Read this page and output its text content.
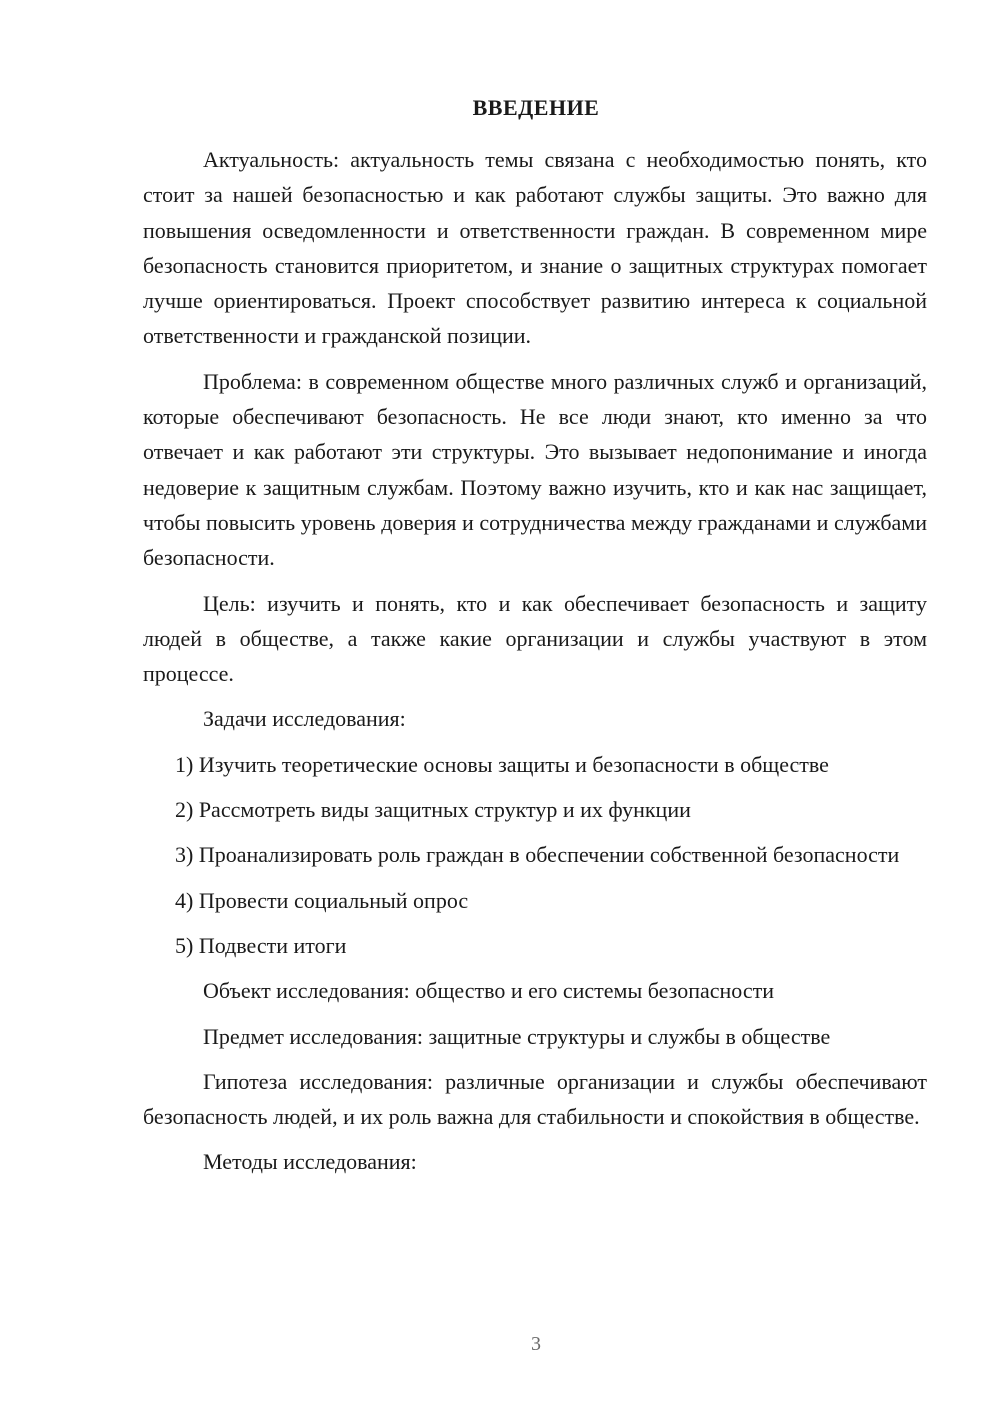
ВВЕДЕНИЕ

Актуальность: актуальность темы связана с необходимостью понять, кто стоит за нашей безопасностью и как работают службы защиты. Это важно для повышения осведомленности и ответственности граждан. В современном мире безопасность становится приоритетом, и знание о защитных структурах помогает лучше ориентироваться. Проект способствует развитию интереса к социальной ответственности и гражданской позиции.

Проблема: в современном обществе много различных служб и организаций, которые обеспечивают безопасность. Не все люди знают, кто именно за что отвечает и как работают эти структуры. Это вызывает недопонимание и иногда недоверие к защитным службам. Поэтому важно изучить, кто и как нас защищает, чтобы повысить уровень доверия и сотрудничества между гражданами и службами безопасности.

Цель: изучить и понять, кто и как обеспечивает безопасность и защиту людей в обществе, а также какие организации и службы участвуют в этом процессе.

Задачи исследования:

1) Изучить теоретические основы защиты и безопасности в обществе

2) Рассмотреть виды защитных структур и их функции

3) Проанализировать роль граждан в обеспечении собственной безопасности

4) Провести социальный опрос

5) Подвести итоги

Объект исследования: общество и его системы безопасности

Предмет исследования: защитные структуры и службы в обществе

Гипотеза исследования: различные организации и службы обеспечивают безопасность людей, и их роль важна для стабильности и спокойствия в обществе.

Методы исследования:

3
